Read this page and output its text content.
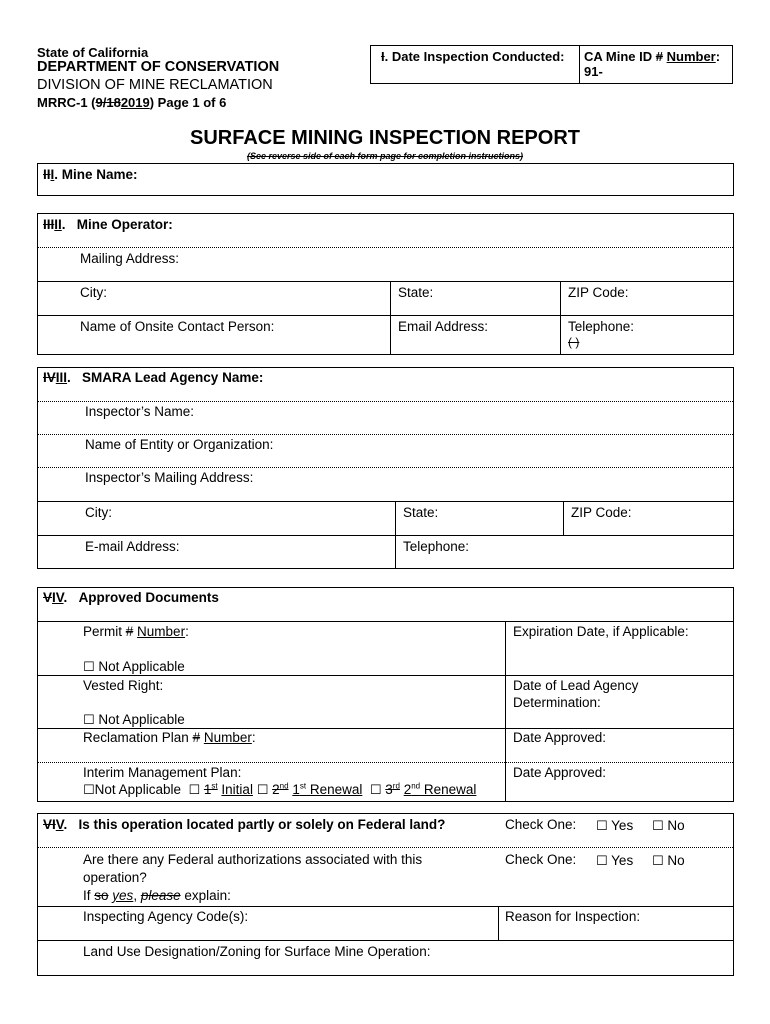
State of California
DEPARTMENT OF CONSERVATION
DIVISION OF MINE RECLAMATION
MRRC-1 (9/182019) Page 1 of 6
I. Date Inspection Conducted: CA Mine ID # Number:
91-
SURFACE MINING INSPECTION REPORT
(See reverse side of each form page for completion instructions)
III. Mine Name:
IIIII.   Mine Operator:
Mailing Address:
City:	State:	ZIP Code:
Name of Onsite Contact Person:	Email Address:	Telephone:
( )
IVIII.   SMARA Lead Agency Name:
Inspector’s Name:
Name of Entity or Organization:
Inspector’s Mailing Address:
City:	State:	ZIP Code:
E-mail Address:	Telephone:
VIV.   Approved Documents
Permit # Number:	Expiration Date, if Applicable:
☐ Not Applicable
Vested Right:	Date of Lead Agency Determination:
☐ Not Applicable
Reclamation Plan # Number:	Date Approved:
Interim Management Plan:	Date Approved:
☐Not Applicable ☐ 1st Initial ☐ 2nd 1st Renewal ☐ 3rd 2nd Renewal
VIV.   Is this operation located partly or solely on Federal land?	Check One: ☐ Yes ☐ No
Are there any Federal authorizations associated with this
operation?
If so yes, please explain:
Check One: ☐ Yes ☐ No
Inspecting Agency Code(s):	Reason for Inspection:
Land Use Designation/Zoning for Surface Mine Operation:
